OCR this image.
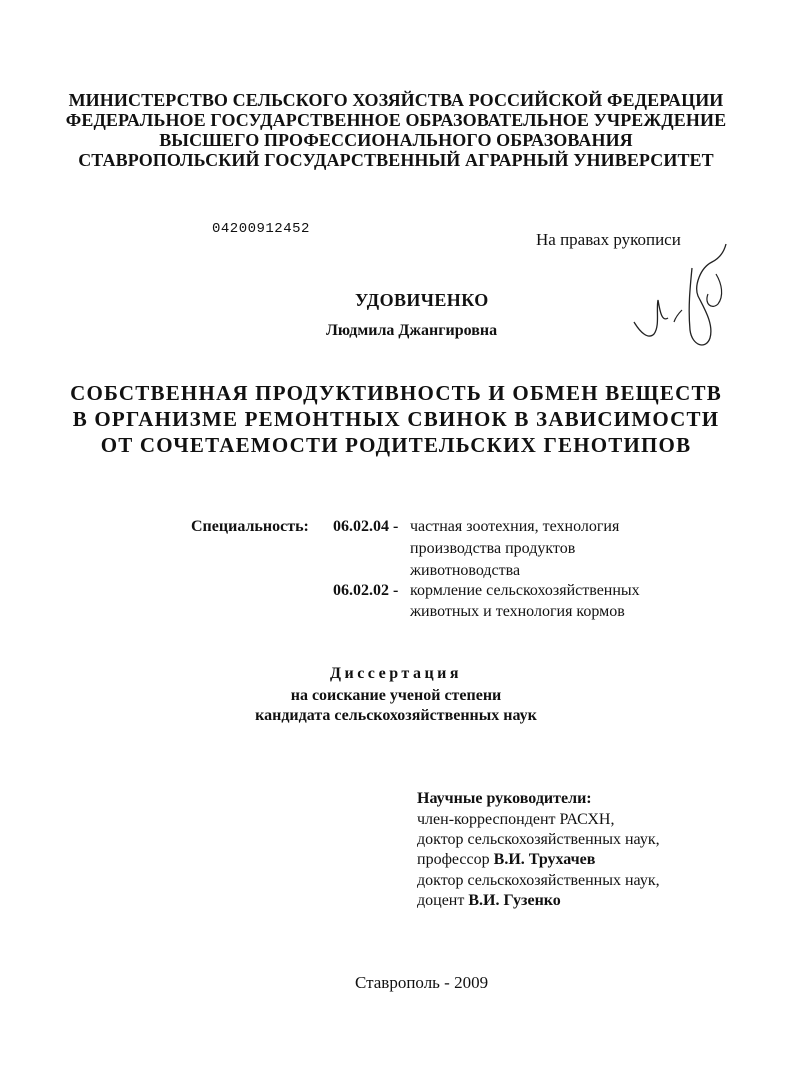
МИНИСТЕРСТВО СЕЛЬСКОГО ХОЗЯЙСТВА РОССИЙСКОЙ ФЕДЕРАЦИИ
ФЕДЕРАЛЬНОЕ ГОСУДАРСТВЕННОЕ ОБРАЗОВАТЕЛЬНОЕ УЧРЕЖДЕНИЕ
ВЫСШЕГО ПРОФЕССИОНАЛЬНОГО ОБРАЗОВАНИЯ
СТАВРОПОЛЬСКИЙ ГОСУДАРСТВЕННЫЙ АГРАРНЫЙ УНИВЕРСИТЕТ
04200912452
На правах рукописи
УДОВИЧЕНКО
Людмила Джангировна
СОБСТВЕННАЯ ПРОДУКТИВНОСТЬ И ОБМЕН ВЕЩЕСТВ
В ОРГАНИЗМЕ РЕМОНТНЫХ СВИНОК В ЗАВИСИМОСТИ
ОТ СОЧЕТАЕМОСТИ РОДИТЕЛЬСКИХ ГЕНОТИПОВ
Специальность: 06.02.04 - частная зоотехния, технология
производства продуктов
животноводства
06.02.02 - кормление сельскохозяйственных
животных и технология кормов
Диссертация
на соискание ученой степени
кандидата сельскохозяйственных наук
Научные руководители:
член-корреспондент РАСХН,
доктор сельскохозяйственных наук,
профессор В.И. Трухачев
доктор сельскохозяйственных наук,
доцент В.И. Гузенко
Ставрополь - 2009
